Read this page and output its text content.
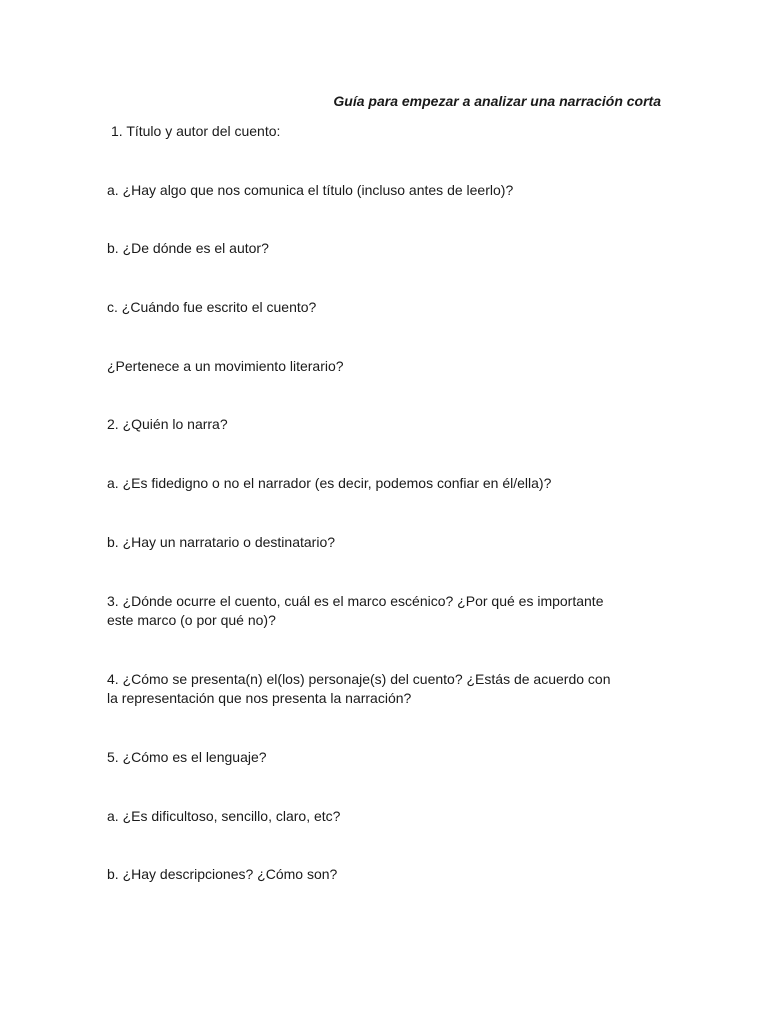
Guía para empezar a analizar una narración corta
1. Título y autor del cuento:
a. ¿Hay algo que nos comunica el título (incluso antes de leerlo)?
b. ¿De dónde es el autor?
c. ¿Cuándo fue escrito el cuento?
¿Pertenece a un movimiento literario?
2. ¿Quién lo narra?
a. ¿Es fidedigno o no el narrador (es decir, podemos confiar en él/ella)?
b. ¿Hay un narratario o destinatario?
3. ¿Dónde ocurre el cuento, cuál es el marco escénico? ¿Por qué es importante
este marco (o por qué no)?
4. ¿Cómo se presenta(n) el(los) personaje(s) del cuento? ¿Estás de acuerdo con
la representación que nos presenta la narración?
5. ¿Cómo es el lenguaje?
a. ¿Es dificultoso, sencillo, claro, etc?
b. ¿Hay descripciones? ¿Cómo son?
